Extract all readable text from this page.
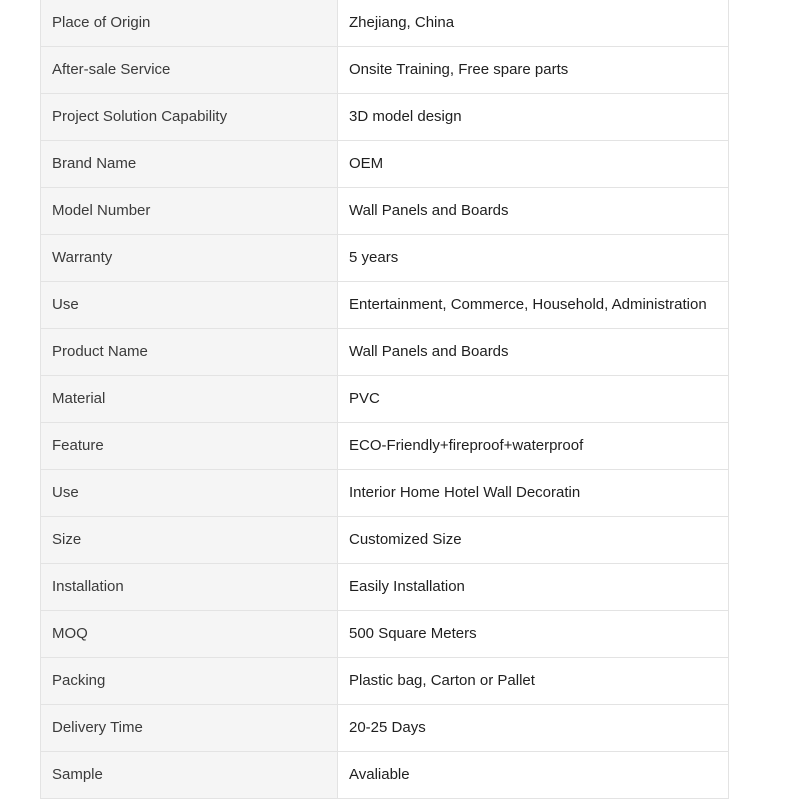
Place of Origin	Zhejiang, China
After-sale Service	Onsite Training, Free spare parts
Project Solution Capability	3D model design
Brand Name	OEM
Model Number	Wall Panels and Boards
Warranty	5 years
Use	Entertainment, Commerce, Household, Administration
Product Name	Wall Panels and Boards
Material	PVC
Feature	ECO-Friendly+fireproof+waterproof
Use	Interior Home Hotel Wall Decoratin
Size	Customized Size
Installation	Easily Installation
MOQ	500 Square Meters
Packing	Plastic bag, Carton or Pallet
Delivery Time	20-25 Days
Sample	Avaliable
